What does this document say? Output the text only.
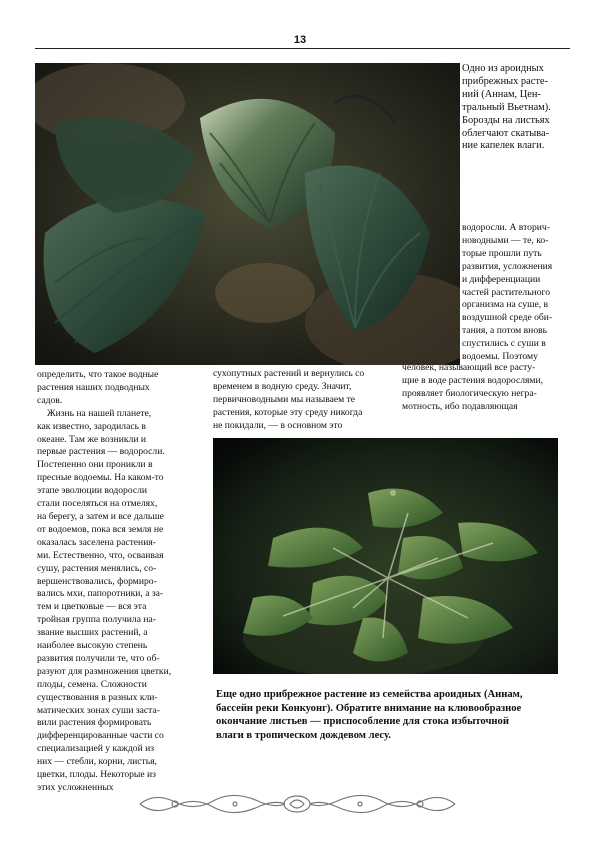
13
Одно из ароидных
прибрежных расте-
ний (Аннам, Цен-
тральный Вьетнам).
Борозды на листьях
облегчают скатыва-
ние капелек влаги.
водоросли. А вторич-
новодными — те, ко-
торые прошли путь
развития, усложнения
и дифференциации
частей растительного
организма на суше, в
воздушной среде оби-
тания, а потом вновь
спустились с суши в
водоемы. Поэтому
определить, что такое водные
растения наших подводных
садов.
Жизнь на нашей планете,
как известно, зародилась в
океане. Там же возникли и
первые растения — водоросли.
Постепенно они проникли в
пресные водоемы. На каком-то
этапе эволюции водоросли
стали поселяться на отмелях,
на берегу, а затем и все дальше
от водоемов, пока вся земля не
оказалась заселена растения-
ми. Естественно, что, осваивая
сушу, растения менялись, со-
вершенствовались, формиро-
вались мхи, папоротники, а за-
тем и цветковые — вся эта
тройная группа получила на-
звание высших растений, а
наиболее высокую степень
развития получили те, что об-
разуют для размножения цветки,
плоды, семена. Сложности
существования в разных кли-
матических зонах суши заста-
вили растения формировать
дифференцированные части со
специализацией у каждой из
них — стебли, корни, листья,
цветки, плоды. Некоторые из
этих усложненных
сухопутных растений и вернулись со
временем в водную среду. Значит,
первичноводными мы называем те
растения, которые эту среду никогда
не покидали, — в основном это
человек, называющий все расту-
щие в воде растения водорослями,
проявляет биологическую негра-
мотность, ибо подавляющая
Еще одно прибрежное растение из семейства ароидных (Аннам,
бассейн реки Конкуонг). Обратите внимание на клювообразное
окончание листьев — приспособление для стока избыточной
влаги в тропическом дождевом лесу.
